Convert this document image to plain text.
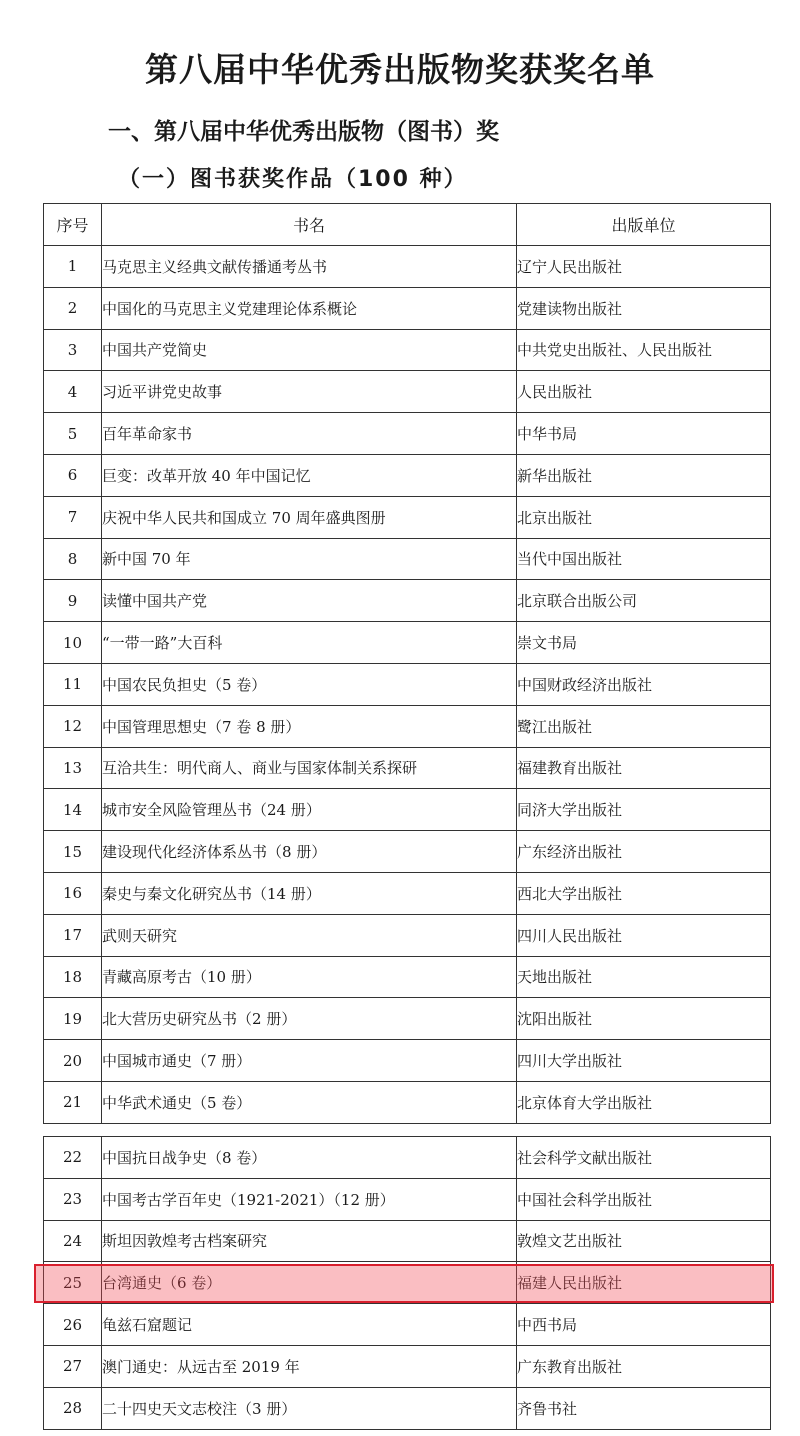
第八届中华优秀出版物奖获奖名单
一、第八届中华优秀出版物（图书）奖
（一）图书获奖作品（100 种）
序号	书名	出版单位
1	马克思主义经典文献传播通考丛书	辽宁人民出版社
2	中国化的马克思主义党建理论体系概论	党建读物出版社
3	中国共产党简史	中共党史出版社、人民出版社
4	习近平讲党史故事	人民出版社
5	百年革命家书	中华书局
6	巨变：改革开放 40 年中国记忆	新华出版社
7	庆祝中华人民共和国成立 70 周年盛典图册	北京出版社
8	新中国 70 年	当代中国出版社
9	读懂中国共产党	北京联合出版公司
10	“一带一路”大百科	崇文书局
11	中国农民负担史（5 卷）	中国财政经济出版社
12	中国管理思想史（7 卷 8 册）	鹭江出版社
13	互洽共生：明代商人、商业与国家体制关系探研	福建教育出版社
14	城市安全风险管理丛书（24 册）	同济大学出版社
15	建设现代化经济体系丛书（8 册）	广东经济出版社
16	秦史与秦文化研究丛书（14 册）	西北大学出版社
17	武则天研究	四川人民出版社
18	青藏高原考古（10 册）	天地出版社
19	北大营历史研究丛书（2 册）	沈阳出版社
20	中国城市通史（7 册）	四川大学出版社
21	中华武术通史（5 卷）	北京体育大学出版社
22	中国抗日战争史（8 卷）	社会科学文献出版社
23	中国考古学百年史（1921-2021）（12 册）	中国社会科学出版社
24	斯坦因敦煌考古档案研究	敦煌文艺出版社
25	台湾通史（6 卷）	福建人民出版社
26	龟兹石窟题记	中西书局
27	澳门通史：从远古至 2019 年	广东教育出版社
28	二十四史天文志校注（3 册）	齐鲁书社
